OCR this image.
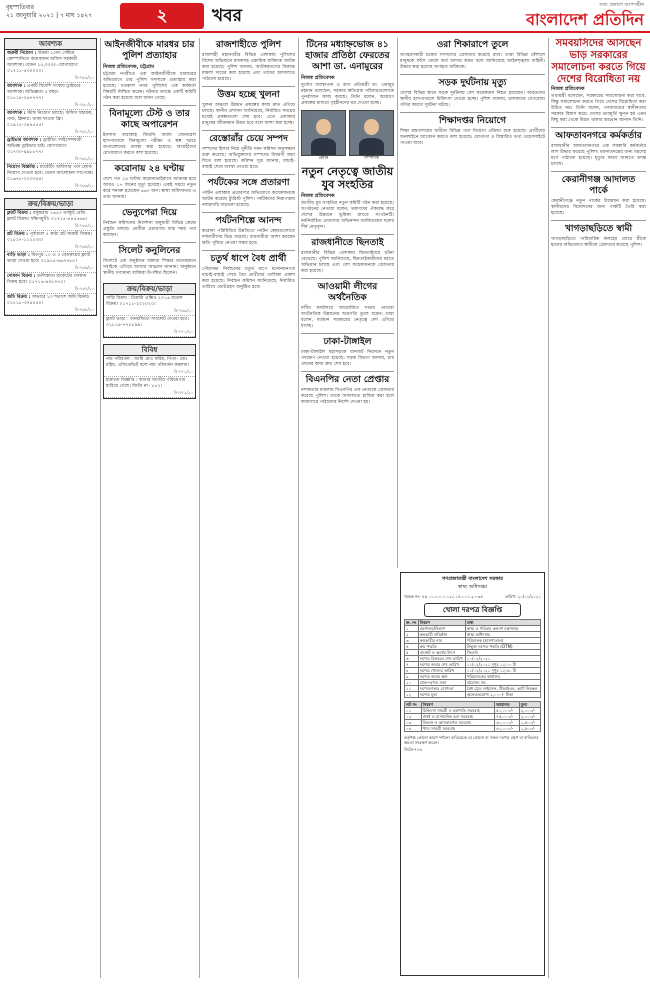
বৃহস্পতিবার
২১ জানুয়ারি ২০২১ | ৭ মাঘ ১৪২৭	২	খবর
সত্য প্রকাশে আপসহীন
বাংলাদেশ প্রতিদিন
আবশ্যক
জরুরী নিয়োগ : উত্তরা ১০নং সেক্টরে কোম্পানিতে কয়েকজন অফিস সহকারী আবশ্যক। বেতন ১৫,০০০/- যোগাযোগ: ০১৭১১-৫৩০০০০।
বি-৭৫৯/২০
আবশ্যক : একটি বিদেশি সংস্থায় ড্রাইভার আবশ্যক। অভিজ্ঞতা ৫ বছর। ০১৮১৯-২৬৭৭৭৭।
বি-৭৬০/২০
আবশ্যক : স্টাফ নিয়োগ চলছে। অফিস সহায়ক, গার্ড, ক্লিনার। থাকা-খাওয়া ফ্রি। ০১৯১২-৩৪৪৫৫৫।
বি-৭৬১/২০
ড্রাইভার আবশ্যক : ড্রাইভিং লাইসেন্সধারী অভিজ্ঞ ড্রাইভার চাই। যোগাযোগ: ০১৭৩০-৯৯৮৮৭৭।
বি-৭৬২/২০
নিয়োগ বিজ্ঞপ্তি : মার্কেটিং অফিসার পদে লোক নিয়োগ দেওয়া হবে। বেতন আলোচনা সাপেক্ষে। ০১৬৭৮-২২৩৩৪৪।
বি-৭৬৩/২০
ক্রয়/বিক্রয়/ভাড়া
ফ্ল্যাট বিক্রয় : বসুন্ধরায় ১৬৫০ বর্গফুট রেডি ফ্ল্যাট বিক্রয়। দক্ষিণমুখী। ০১৭১৫-৪৪৫৫৬৬।
বি-৭৬৪/২০
প্লট বিক্রয় : পূর্বাচলে ৫ কাঠা প্লট জরুরী বিক্রয়। ০১৮১৭-১১২২৩৩।
বি-৭৬৫/২০
বাড়ি ভাড়া : মিরপুর ১০ এ ৩ বেডরুমের ফ্ল্যাট ভাড়া দেওয়া হবে। ০১৯১৫-৬৬৭৭৮৮।
বি-৭৬৬/২০
দোকান বিক্রয় : গুলিস্তানে মার্কেটের দোকান বিক্রয় হবে। ০১৭১৬-৯০৮০৭০।
বি-৭৬৭/২০
জমি বিক্রয় : সাভারে ১০ শতাংশ জমি বিক্রয়। ০১৮১৮-৩০৪০৫০।
বি-৭৬৮/২০
আইনজীবীকে মারধর চার পুলিশ প্রত্যাহার
নিজস্ব প্রতিবেদক, চট্টগ্রাম

চট্টগ্রাম নগরীতে এক আইনজীবীকে মারধরের অভিযোগে চার পুলিশ সদস্যকে প্রত্যাহার করা হয়েছে। গতকাল নগর পুলিশের এক কর্মকর্তা বিষয়টি নিশ্চিত করেন। ঘটনার তদন্তে একটি কমিটি গঠন করা হয়েছে বলে জানা গেছে।

বিনামূল্যে টেস্ট ও তার কাছে অপারেশন

ইনসাফ বারাকাহ কিডনি অ্যান্ড জেনারেল হাসপাতালে বিনামূল্যে পরীক্ষা ও স্বল্প খরচে অপারেশনের ব্যবস্থা করা হয়েছে। আগ্রহীদের যোগাযোগ করতে বলা হয়েছে।

করোনায় ২৪ ঘণ্টায়

দেশে গত ২৪ ঘণ্টায় করোনাভাইরাসে আক্রান্ত হয়ে আরও ১৭ জনের মৃত্যু হয়েছে। একই সময়ে নতুন করে শনাক্ত হয়েছেন ৬৬০ জন। স্বাস্থ্য অধিদফতর এ তথ্য জানায়।

ভেন্যুপেরা দিয়ে

নির্বাচন কমিশনের নির্দেশনা অনুযায়ী বিভিন্ন কেন্দ্রে প্রস্তুতি চলছে। প্রার্থীরা প্রচারণায় ব্যস্ত সময় পার করছেন।

সিলেট কনুলিনের

সিলেটে এক অনুষ্ঠানে বক্তারা শিক্ষার মানোন্নয়নে সবাইকে এগিয়ে আসার আহ্বান জানান। অনুষ্ঠানে স্থানীয় গণ্যমান্য ব্যক্তিরা উপস্থিত ছিলেন।

ক্রয়/বিক্রয়/ভাড়া
গাড়ি বিক্রয় : টয়োটা এক্সিও ২০১৬ মডেল বিক্রয়। ০১৭১১-২০২০২০।
বি-৭৬৯/২০
ফ্ল্যাট ভাড়া : ধানমন্ডিতে সাবলেট দেওয়া হবে। ০১৮১৯-৭৭৮৮৯৯।
বি-৭৭০/২০
বিবিধ
নাম পরিবর্তন : আমি মোঃ করিম, পিতা- মোঃ রহিম, এফিডেভিট বলে নাম পরিবর্তন করলাম।
বি-৭৭১/২০
হারানো বিজ্ঞপ্তি : আমার জাতীয় পরিচয়পত্র হারিয়ে গেছে। জিডি নং- ৮৮২।
বি-৭৭২/২০
রাজশাহীতে পুলিশ

রাজশাহী মহানগরীর বিভিন্ন এলাকায় পুলিশের বিশেষ অভিযানে মাদকসহ একাধিক ব্যক্তিকে আটক করা হয়েছে। পুলিশ জানায়, আটককৃতদের বিরুদ্ধে মামলা দায়ের করা হয়েছে এবং তাদের আদালতে পাঠানো হয়েছে।

উত্তম হচ্ছে খুলনা

খুলনা অঞ্চলে উন্নয়ন প্রকল্পের কাজ দ্রুত এগিয়ে চলছে। স্থানীয় প্রশাসন জানিয়েছে, নির্ধারিত সময়ের মধ্যেই প্রকল্পগুলো শেষ হবে। এতে এলাকার মানুষের জীবনমান উন্নত হবে বলে আশা করা হচ্ছে।

রেস্তোরাঁর চেয়ে সম্পদ

সম্পদের হিসাব নিয়ে দুর্নীতি দমন কমিশন অনুসন্ধান শুরু করেছে। অভিযুক্তদের সম্পদের বিবরণী জমা দিতে বলা হয়েছে। কমিশন সূত্র জানায়, যাচাই-বাছাই শেষে ব্যবস্থা নেওয়া হবে।

পর্যটকের সঙ্গে প্রতারণা

পর্যটন এলাকায় প্রতারণার অভিযোগে কয়েকজনকে আটক করেছে ট্যুরিস্ট পুলিশ। পর্যটকদের নিরাপত্তায় নজরদারি বাড়ানো হয়েছে।

পর্যটনশিল্পে আনন্দ

করোনা পরিস্থিতির উন্নতিতে পর্যটন কেন্দ্রগুলোতে দর্শনার্থীদের ভিড় বাড়ছে। ব্যবসায়ীরা আশা করছেন ক্ষতি পুষিয়ে নেওয়া সম্ভব হবে।

চতুর্থ ধাপে বৈধ প্রার্থী

পৌরসভা নির্বাচনের চতুর্থ ধাপে মনোনয়নপত্র যাচাই-বাছাই শেষে বৈধ প্রার্থীদের তালিকা প্রকাশ করা হয়েছে। নির্বাচন কমিশন জানিয়েছে, নির্ধারিত তারিখে ভোটগ্রহণ অনুষ্ঠিত হবে।

টিনের মধ্যাহ্নভোজ ৪১ হাজার প্রতিষ্ঠা ফেরতের আশা ডা. এনামুরের
নিজস্ব প্রতিবেদক

দুর্যোগ ব্যবস্থাপনা ও ত্রাণ প্রতিমন্ত্রী ডা. এনামুর রহমান বলেছেন, সরকার ক্ষতিগ্রস্ত পরিবারগুলোকে পুনর্বাসনে কাজ করছে। তিনি বলেন, আশ্রয়ণ প্রকল্পের মাধ্যমে গৃহহীনদের ঘর দেওয়া হচ্ছে।

প্রধান	সম্পাদক
নতুন নেতৃত্বে জাতীয় যুব সংহতির
নিজস্ব প্রতিবেদক

জাতীয় যুব সংহতির নতুন কমিটি গঠন করা হয়েছে। সংগঠনের নেতারা বলেন, তরুণদের ঐক্যবদ্ধ করে দেশের উন্নয়নে ভূমিকা রাখবে সংগঠনটি। নবনির্বাচিত নেতাদের অভিনন্দন জানিয়েছেন দলের শীর্ষ নেতৃবৃন্দ।

রাজধানীতে ছিনতাই

রাজধানীর বিভিন্ন এলাকায় ছিনতাইয়ের ঘটনা বেড়েছে। পুলিশ জানিয়েছে, ছিনতাইকারীদের ধরতে অভিযান চলছে এবং বেশ কয়েকজনকে গ্রেফতার করা হয়েছে।

আওয়ামী লীগের অর্থনৈতিক

দলীয় কার্যালয়ে আয়োজিত সভায় নেতারা অর্থনৈতিক উন্নয়নের অগ্রগতি তুলে ধরেন। তারা বলেন, বর্তমান সরকারের নেতৃত্বে দেশ এগিয়ে যাচ্ছে।

ঢাকা-টাঙ্গাইল

ঢাকা-টাঙ্গাইল মহাসড়কে যানজট নিরসনে নতুন পদক্ষেপ নেওয়া হয়েছে। সড়ক বিভাগ জানায়, চার লেনের কাজ দ্রুত শেষ হবে।

বিএনপির নেতা প্রেপ্তার

নাশকতার মামলায় বিএনপির এক নেতাকে গ্রেফতার করেছে পুলিশ। তাকে আদালতে হাজির করা হলে কারাগারে পাঠানোর নির্দেশ দেওয়া হয়।

ওরা শিকারাপে তুলে

অপহরণকারী চক্রের সদস্যদের গ্রেফতার করেছে র‍্যাব। তারা বিভিন্ন কৌশলে মানুষকে ফাঁদে ফেলে অর্থ আদায় করত বলে জানিয়েছে আইনশৃঙ্খলা বাহিনী। উদ্ধার করা হয়েছে অপহৃত ব্যক্তিকে।

সড়ক দুর্ঘটনায় মৃত্যু

দেশের বিভিন্ন স্থানে সড়ক দুর্ঘটনায় বেশ কয়েকজন নিহত হয়েছেন। আহতদের স্থানীয় হাসপাতালে চিকিৎসা দেওয়া হচ্ছে। পুলিশ জানায়, চালকদের বেপরোয়া গতির কারণে দুর্ঘটনা ঘটছে।

শিক্ষাদপ্তর নিয়োগে

শিক্ষা মন্ত্রণালয়ের অধীনে বিভিন্ন পদে নিয়োগ প্রক্রিয়া শুরু হয়েছে। প্রার্থীদের অনলাইনে আবেদন করতে বলা হয়েছে। যোগ্যতা ও বিস্তারিত তথ্য ওয়েবসাইটে পাওয়া যাবে।

সমবয়সিদের আসছেন ভাড় সরকারের সমালোচনা করতে গিয়ে দেশের বিরোধিতা নয়
নিজস্ব প্রতিবেদক

তথ্যমন্ত্রী বলেছেন, সরকারের সমালোচনা করা যাবে, কিন্তু সমালোচনা করতে গিয়ে দেশের বিরোধিতা করা উচিত নয়। তিনি বলেন, গণমাধ্যমের স্বাধীনতায় সরকার বিশ্বাস করে। দেশের ভাবমূর্তি ক্ষুণ্ন হয় এমন কিছু করা থেকে বিরত থাকার আহ্বান জানান তিনি।

আফতাবনগরে কর্মকর্তার

রাজধানীর আফতাবনগরে এক সরকারি কর্মকর্তার লাশ উদ্ধার করেছে পুলিশ। ময়নাতদন্তের জন্য মরদেহ মর্গে পাঠানো হয়েছে। মৃত্যুর কারণ জানতে তদন্ত চলছে।

কেরানীগঞ্জ আদালত পার্কে

কেরানীগঞ্জে নতুন পার্কের উদ্বোধন করা হয়েছে। স্থানীয়দের বিনোদনের জন্য পার্কটি তৈরি করা হয়েছে।

খাগড়াছড়িতে স্বামী

খাগড়াছড়িতে পারিবারিক কলহের জেরে স্ত্রীকে হত্যার অভিযোগে স্বামীকে গ্রেফতার করেছে পুলিশ।

গণপ্রজাতন্ত্রী বাংলাদেশ সরকার
স্বাস্থ্য অধিদপ্তর
স্মারক নং- ৪৫.০১.০০০০.১২০.১৪.০০১.২০-৩৪	তারিখ: ২০/০১/২০২১
খোলা দরপত্র বিজ্ঞপ্তি
ক্র. নং	বিবরণ	তথ্য
১	মন্ত্রণালয়/বিভাগ	স্বাস্থ্য ও পরিবার কল্যাণ মন্ত্রণালয়
২	ক্রয়কারী প্রতিষ্ঠান	স্বাস্থ্য অধিদপ্তর
৩	ক্রয়কারীর নাম	পরিচালক (হাসপাতাল)
৪	ক্রয় পদ্ধতি	উন্মুক্ত দরপত্র পদ্ধতি (OTM)
৫	বাজেট ও অর্থের উৎস	জিওবি
৬	দরপত্র বিক্রয়ের শেষ তারিখ	১০/০২/২০২১
৭	দরপত্র জমার শেষ তারিখ	১১/০২/২০২১ দুপুর ১২:০০ টা
৮	দরপত্র খোলার তারিখ	১১/০২/২০২১ দুপুর ১২:৩০ টা
৯	দরপত্র জমার স্থান	পরিচালকের কার্যালয়
১০	প্রাক-দরপত্র সভা	প্রযোজ্য নয়
১১	দরপত্রদাতার যোগ্যতা	বৈধ ট্রেড লাইসেন্স, টিআইএন, ভ্যাট নিবন্ধন
১২	দরপত্র মূল্য	অফেরতযোগ্য ২,০০০/- টাকা
লট নং	বিবরণ	জামানত	মূল্য
০১	চিকিৎসা সামগ্রী ও যন্ত্রপাতি সরবরাহ	৫০,০০০/-	২,০০০/-
০২	ঔষধ ও রাসায়নিক দ্রব্য সরবরাহ	৭৫,০০০/-	২,০০০/-
০৩	লিনেন ও আসবাবপত্র সরবরাহ	৩০,০০০/-	১,৫০০/-
০৪	খাদ্য সামগ্রী সরবরাহ	৪০,০০০/-	১,৫০০/-

কর্তৃপক্ষ কোনো কারণ দর্শানো ব্যতিরেকে যে কোনো বা সকল দরপত্র গ্রহণ বা বাতিলের ক্ষমতা সংরক্ষণ করেন।

জিডি-৭৭৪
